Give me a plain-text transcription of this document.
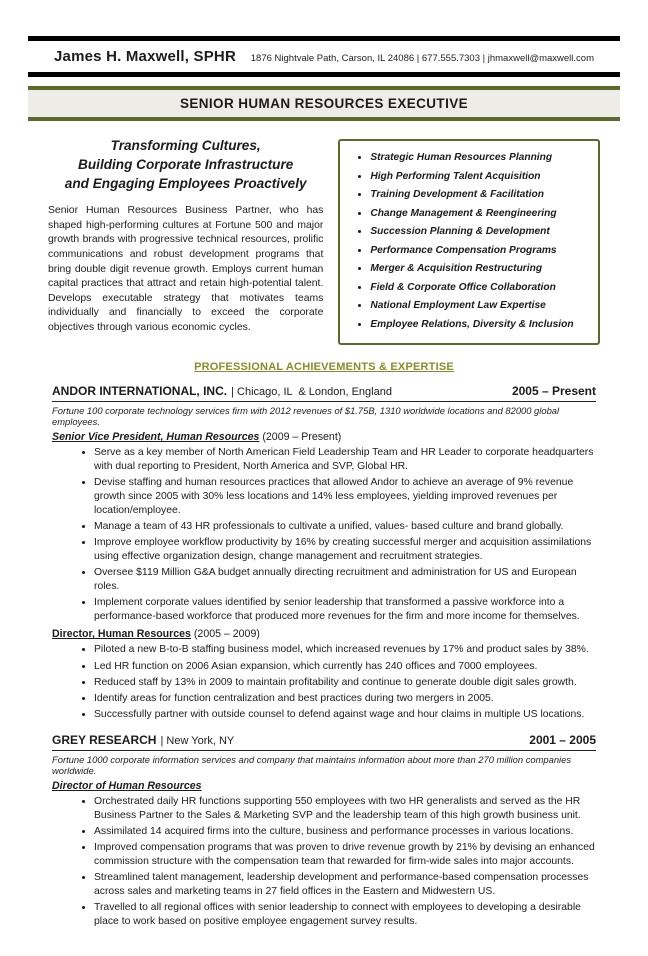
James H. Maxwell, SPHR 1876 Nightvale Path, Carson, IL 24086 | 677.555.7303 | jhmaxwell@maxwell.com
SENIOR HUMAN RESOURCES EXECUTIVE
Transforming Cultures,
Building Corporate Infrastructure
and Engaging Employees Proactively
Senior Human Resources Business Partner, who has shaped high-performing cultures at Fortune 500 and major growth brands with progressive technical resources, prolific communications and robust development programs that bring double digit revenue growth. Employs current human capital practices that attract and retain high-potential talent. Develops executable strategy that motivates teams individually and financially to exceed the corporate objectives through various economic cycles.
• Strategic Human Resources Planning
• High Performing Talent Acquisition
• Training Development & Facilitation
• Change Management & Reengineering
• Succession Planning & Development
• Performance Compensation Programs
• Merger & Acquisition Restructuring
• Field & Corporate Office Collaboration
• National Employment Law Expertise
• Employee Relations, Diversity & Inclusion
PROFESSIONAL ACHIEVEMENTS & EXPERTISE
ANDOR INTERNATIONAL, INC. | Chicago, IL  & London, England	2005 – Present
Fortune 100 corporate technology services firm with 2012 revenues of $1.75B, 1310 worldwide locations and 82000 global employees.
Senior Vice President, Human Resources (2009 – Present)
• Serve as a key member of North American Field Leadership Team and HR Leader to corporate headquarters with dual reporting to President, North America and SVP, Global HR.
• Devise staffing and human resources practices that allowed Andor to achieve an average of 9% revenue growth since 2005 with 30% less locations and 14% less employees, yielding improved revenues per location/employee.
• Manage a team of 43 HR professionals to cultivate a unified, values- based culture and brand globally.
• Improve employee workflow productivity by 16% by creating successful merger and acquisition assimilations using effective organization design, change management and recruitment strategies.
• Oversee $119 Million G&A budget annually directing recruitment and administration for US and European roles.
• Implement corporate values identified by senior leadership that transformed a passive workforce into a performance-based workforce that produced more revenues for the firm and more income for themselves.
Director, Human Resources (2005 – 2009)
• Piloted a new B-to-B staffing business model, which increased revenues by 17% and product sales by 38%.
• Led HR function on 2006 Asian expansion, which currently has 240 offices and 7000 employees.
• Reduced staff by 13% in 2009 to maintain profitability and continue to generate double digit sales growth.
• Identify areas for function centralization and best practices during two mergers in 2005.
• Successfully partner with outside counsel to defend against wage and hour claims in multiple US locations.
GREY RESEARCH | New York, NY	2001 – 2005
Fortune 1000 corporate information services and company that maintains information about more than 270 million companies worldwide.
Director of Human Resources
• Orchestrated daily HR functions supporting 550 employees with two HR generalists and served as the HR Business Partner to the Sales & Marketing SVP and the leadership team of this high growth business unit.
• Assimilated 14 acquired firms into the culture, business and performance processes in various locations.
• Improved compensation programs that was proven to drive revenue growth by 21% by devising an enhanced commission structure with the compensation team that rewarded for firm-wide sales into major accounts.
• Streamlined talent management, leadership development and performance-based compensation processes across sales and marketing teams in 27 field offices in the Eastern and Midwestern US.
• Travelled to all regional offices with senior leadership to connect with employees to developing a desirable place to work based on positive employee engagement survey results.
